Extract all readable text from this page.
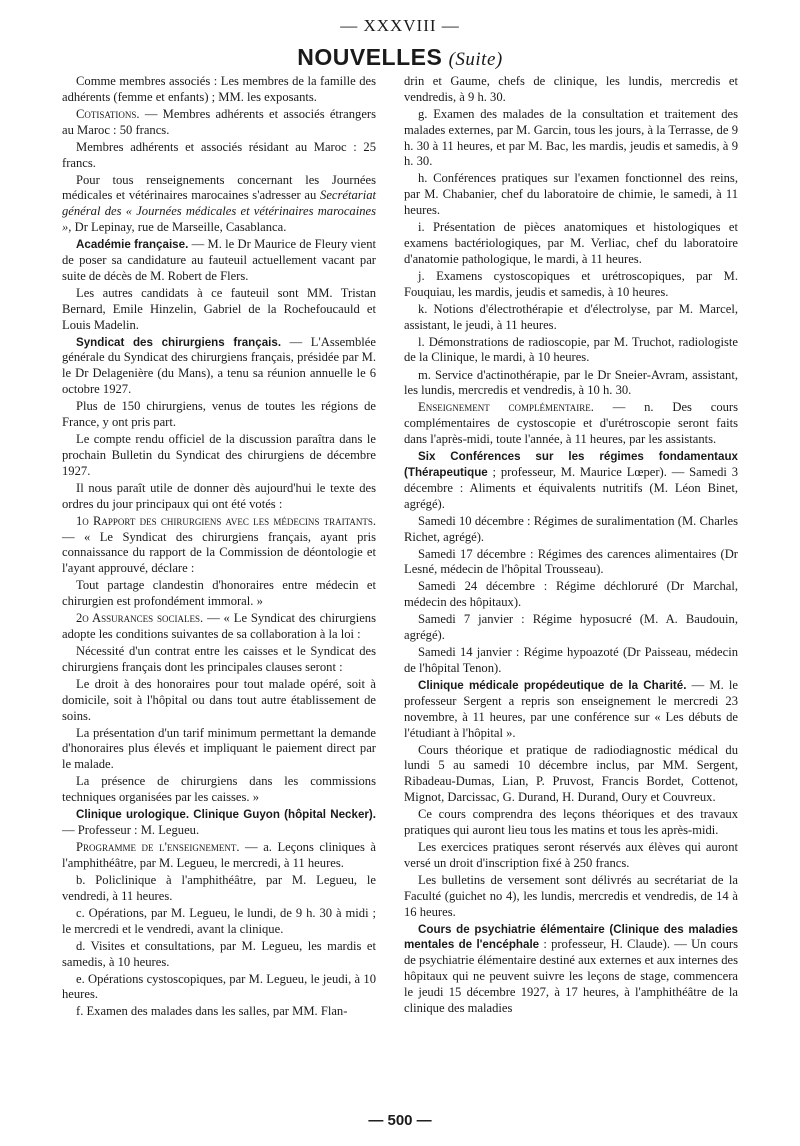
— XXXVIII —
NOUVELLES (Suite)

Comme membres associés : Les membres de la famille des adhérents (femme et enfants) ; MM. les exposants.

Cotisations. — Membres adhérents et associés étrangers au Maroc : 50 francs.

Membres adhérents et associés résidant au Maroc : 25 francs.

Pour tous renseignements concernant les Journées médicales et vétérinaires marocaines s'adresser au Secrétariat général des « Journées médicales et vétérinaires marocaines », Dr Lepinay, rue de Marseille, Casablanca.

Académie française. — M. le Dr Maurice de Fleury vient de poser sa candidature au fauteuil actuellement vacant par suite de décès de M. Robert de Flers.

Les autres candidats à ce fauteuil sont MM. Tristan Bernard, Emile Hinzelin, Gabriel de la Rochefoucauld et Louis Madelin.

Syndicat des chirurgiens français. — L'Assemblée générale du Syndicat des chirurgiens français, présidée par M. le Dr Delagenière (du Mans), a tenu sa réunion annuelle le 6 octobre 1927.

Plus de 150 chirurgiens, venus de toutes les régions de France, y ont pris part.

Le compte rendu officiel de la discussion paraîtra dans le prochain Bulletin du Syndicat des chirurgiens de décembre 1927.

Il nous paraît utile de donner dès aujourd'hui le texte des ordres du jour principaux qui ont été votés :

1o Rapport des chirurgiens avec les médecins traitants. — « Le Syndicat des chirurgiens français, ayant pris connaissance du rapport de la Commission de déontologie et l'ayant approuvé, déclare :

Tout partage clandestin d'honoraires entre médecin et chirurgien est profondément immoral. »

2o Assurances sociales. — « Le Syndicat des chirurgiens adopte les conditions suivantes de sa collaboration à la loi :

Nécessité d'un contrat entre les caisses et le Syndicat des chirurgiens français dont les principales clauses seront :

Le droit à des honoraires pour tout malade opéré, soit à domicile, soit à l'hôpital ou dans tout autre établissement de soins.

La présentation d'un tarif minimum permettant la demande d'honoraires plus élevés et impliquant le paiement direct par le malade.

La présence de chirurgiens dans les commissions techniques organisées par les caisses. »

Clinique urologique. Clinique Guyon (hôpital Necker). — Professeur : M. Legueu.

Programme de l'enseignement. — a. Leçons cliniques à l'amphithéâtre, par M. Legueu, le mercredi, à 11 heures.

b. Policlinique à l'amphithéâtre, par M. Legueu, le vendredi, à 11 heures.

c. Opérations, par M. Legueu, le lundi, de 9 h. 30 à midi ; le mercredi et le vendredi, avant la clinique.

d. Visites et consultations, par M. Legueu, les mardis et samedis, à 10 heures.

e. Opérations cystoscopiques, par M. Legueu, le jeudi, à 10 heures.

f. Examen des malades dans les salles, par MM. Flan-

drin et Gaume, chefs de clinique, les lundis, mercredis et vendredis, à 9 h. 30.

g. Examen des malades de la consultation et traitement des malades externes, par M. Garcin, tous les jours, à la Terrasse, de 9 h. 30 à 11 heures, et par M. Bac, les mardis, jeudis et samedis, à 9 h. 30.

h. Conférences pratiques sur l'examen fonctionnel des reins, par M. Chabanier, chef du laboratoire de chimie, le samedi, à 11 heures.

i. Présentation de pièces anatomiques et histologiques et examens bactériologiques, par M. Verliac, chef du laboratoire d'anatomie pathologique, le mardi, à 11 heures.

j. Examens cystoscopiques et urétroscopiques, par M. Fouquiau, les mardis, jeudis et samedis, à 10 heures.

k. Notions d'électrothérapie et d'électrolyse, par M. Marcel, assistant, le jeudi, à 11 heures.

l. Démonstrations de radioscopie, par M. Truchot, radiologiste de la Clinique, le mardi, à 10 heures.

m. Service d'actinothérapie, par le Dr Sneier-Avram, assistant, les lundis, mercredis et vendredis, à 10 h. 30.

Enseignement complémentaire. — n. Des cours complémentaires de cystoscopie et d'urétroscopie seront faits dans l'après-midi, toute l'année, à 11 heures, par les assistants.

Six Conférences sur les régimes fondamentaux (Thérapeutique ; professeur, M. Maurice Lœper). — Samedi 3 décembre : Aliments et équivalents nutritifs (M. Léon Binet, agrégé).

Samedi 10 décembre : Régimes de suralimentation (M. Charles Richet, agrégé).

Samedi 17 décembre : Régimes des carences alimentaires (Dr Lesné, médecin de l'hôpital Trousseau).

Samedi 24 décembre : Régime déchloruré (Dr Marchal, médecin des hôpitaux).

Samedi 7 janvier : Régime hyposucré (M. A. Baudouin, agrégé).

Samedi 14 janvier : Régime hypoazoté (Dr Paisseau, médecin de l'hôpital Tenon).

Clinique médicale propédeutique de la Charité. — M. le professeur Sergent a repris son enseignement le mercredi 23 novembre, à 11 heures, par une conférence sur « Les débuts de l'étudiant à l'hôpital ».

Cours théorique et pratique de radiodiagnostic médical du lundi 5 au samedi 10 décembre inclus, par MM. Sergent, Ribadeau-Dumas, Lian, P. Pruvost, Francis Bordet, Cottenot, Mignot, Darcissac, G. Durand, H. Durand, Oury et Couvreux.

Ce cours comprendra des leçons théoriques et des travaux pratiques qui auront lieu tous les matins et tous les après-midi.

Les exercices pratiques seront réservés aux élèves qui auront versé un droit d'inscription fixé à 250 francs.

Les bulletins de versement sont délivrés au secrétariat de la Faculté (guichet no 4), les lundis, mercredis et vendredis, de 14 à 16 heures.

Cours de psychiatrie élémentaire (Clinique des maladies mentales de l'encéphale : professeur, H. Claude). — Un cours de psychiatrie élémentaire destiné aux externes et aux internes des hôpitaux qui ne peuvent suivre les leçons de stage, commencera le jeudi 15 décembre 1927, à 17 heures, à l'amphithéâtre de la clinique des maladies

— 500 —
